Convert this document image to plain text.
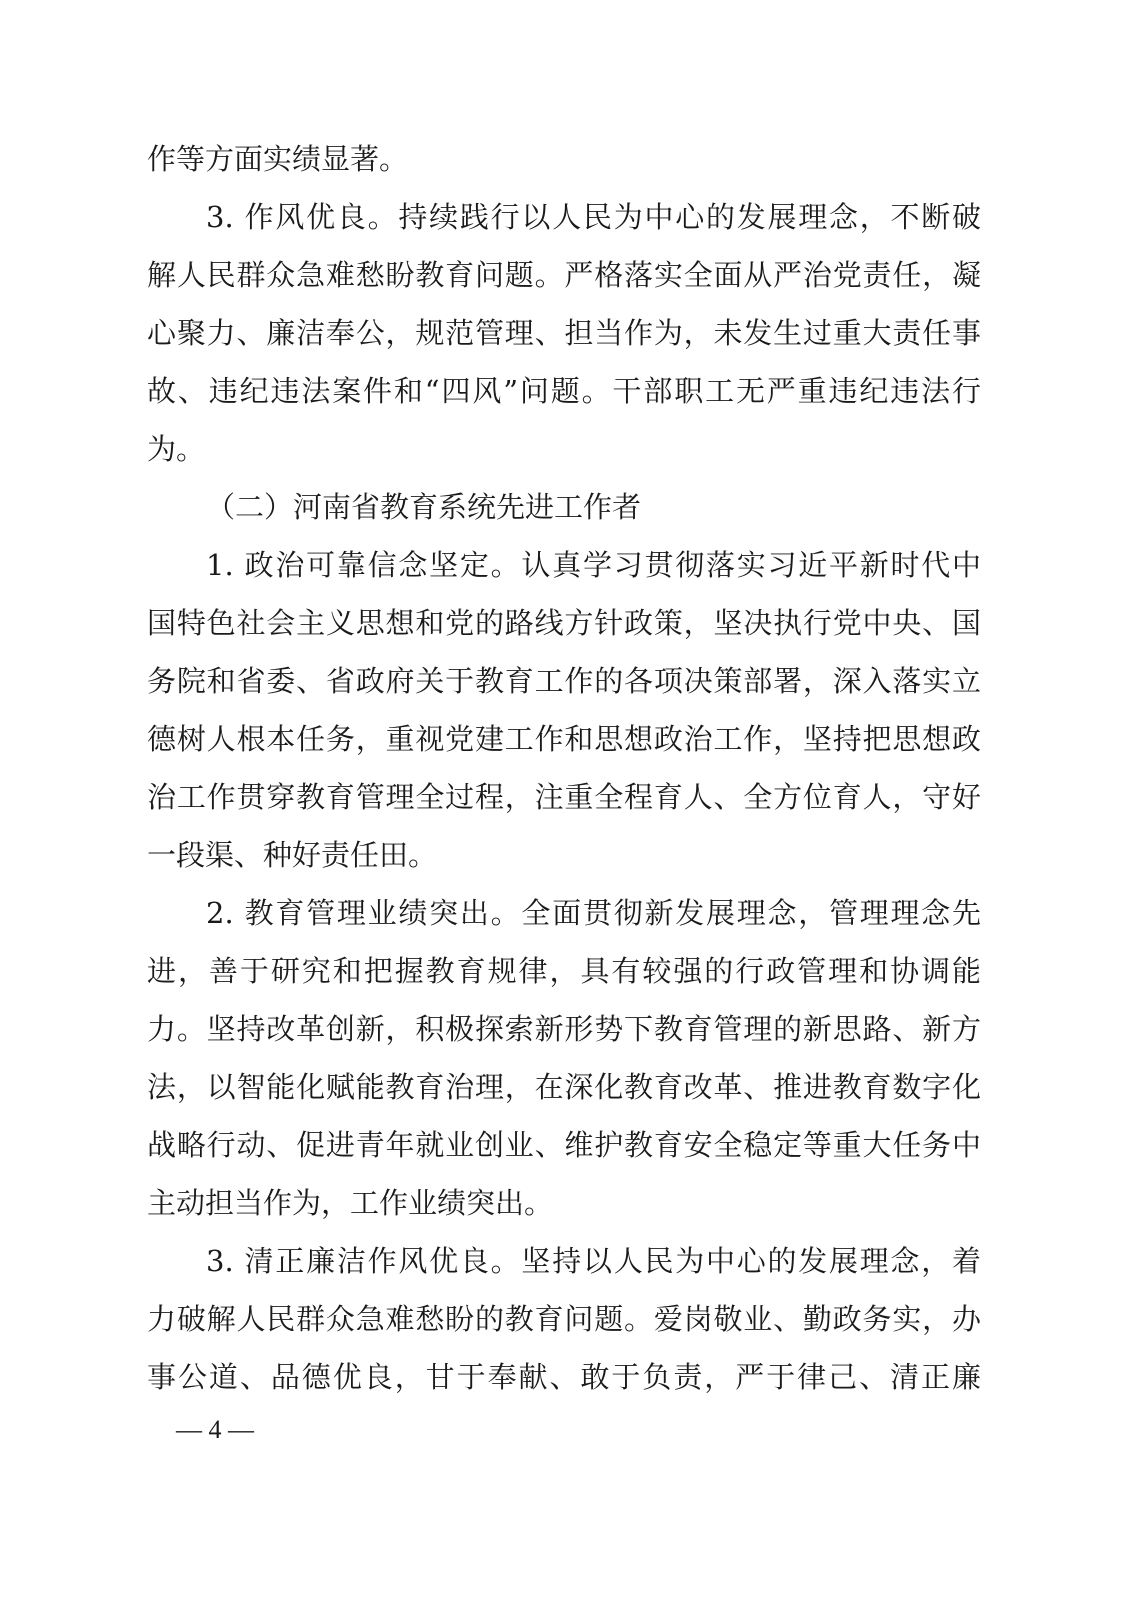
作等方面实绩显著。
3. 作风优良。持续践行以人民为中心的发展理念，不断破
解人民群众急难愁盼教育问题。严格落实全面从严治党责任，凝
心聚力、廉洁奉公，规范管理、担当作为，未发生过重大责任事
故、违纪违法案件和“四风”问题。干部职工无严重违纪违法行
为。
（二）河南省教育系统先进工作者
1. 政治可靠信念坚定。认真学习贯彻落实习近平新时代中
国特色社会主义思想和党的路线方针政策，坚决执行党中央、国
务院和省委、省政府关于教育工作的各项决策部署，深入落实立
德树人根本任务，重视党建工作和思想政治工作，坚持把思想政
治工作贯穿教育管理全过程，注重全程育人、全方位育人，守好
一段渠、种好责任田。
2. 教育管理业绩突出。全面贯彻新发展理念，管理理念先
进，善于研究和把握教育规律，具有较强的行政管理和协调能
力。坚持改革创新，积极探索新形势下教育管理的新思路、新方
法，以智能化赋能教育治理，在深化教育改革、推进教育数字化
战略行动、促进青年就业创业、维护教育安全稳定等重大任务中
主动担当作为，工作业绩突出。
3. 清正廉洁作风优良。坚持以人民为中心的发展理念，着
力破解人民群众急难愁盼的教育问题。爱岗敬业、勤政务实，办
事公道、品德优良，甘于奉献、敢于负责，严于律己、清正廉
— 4 —
